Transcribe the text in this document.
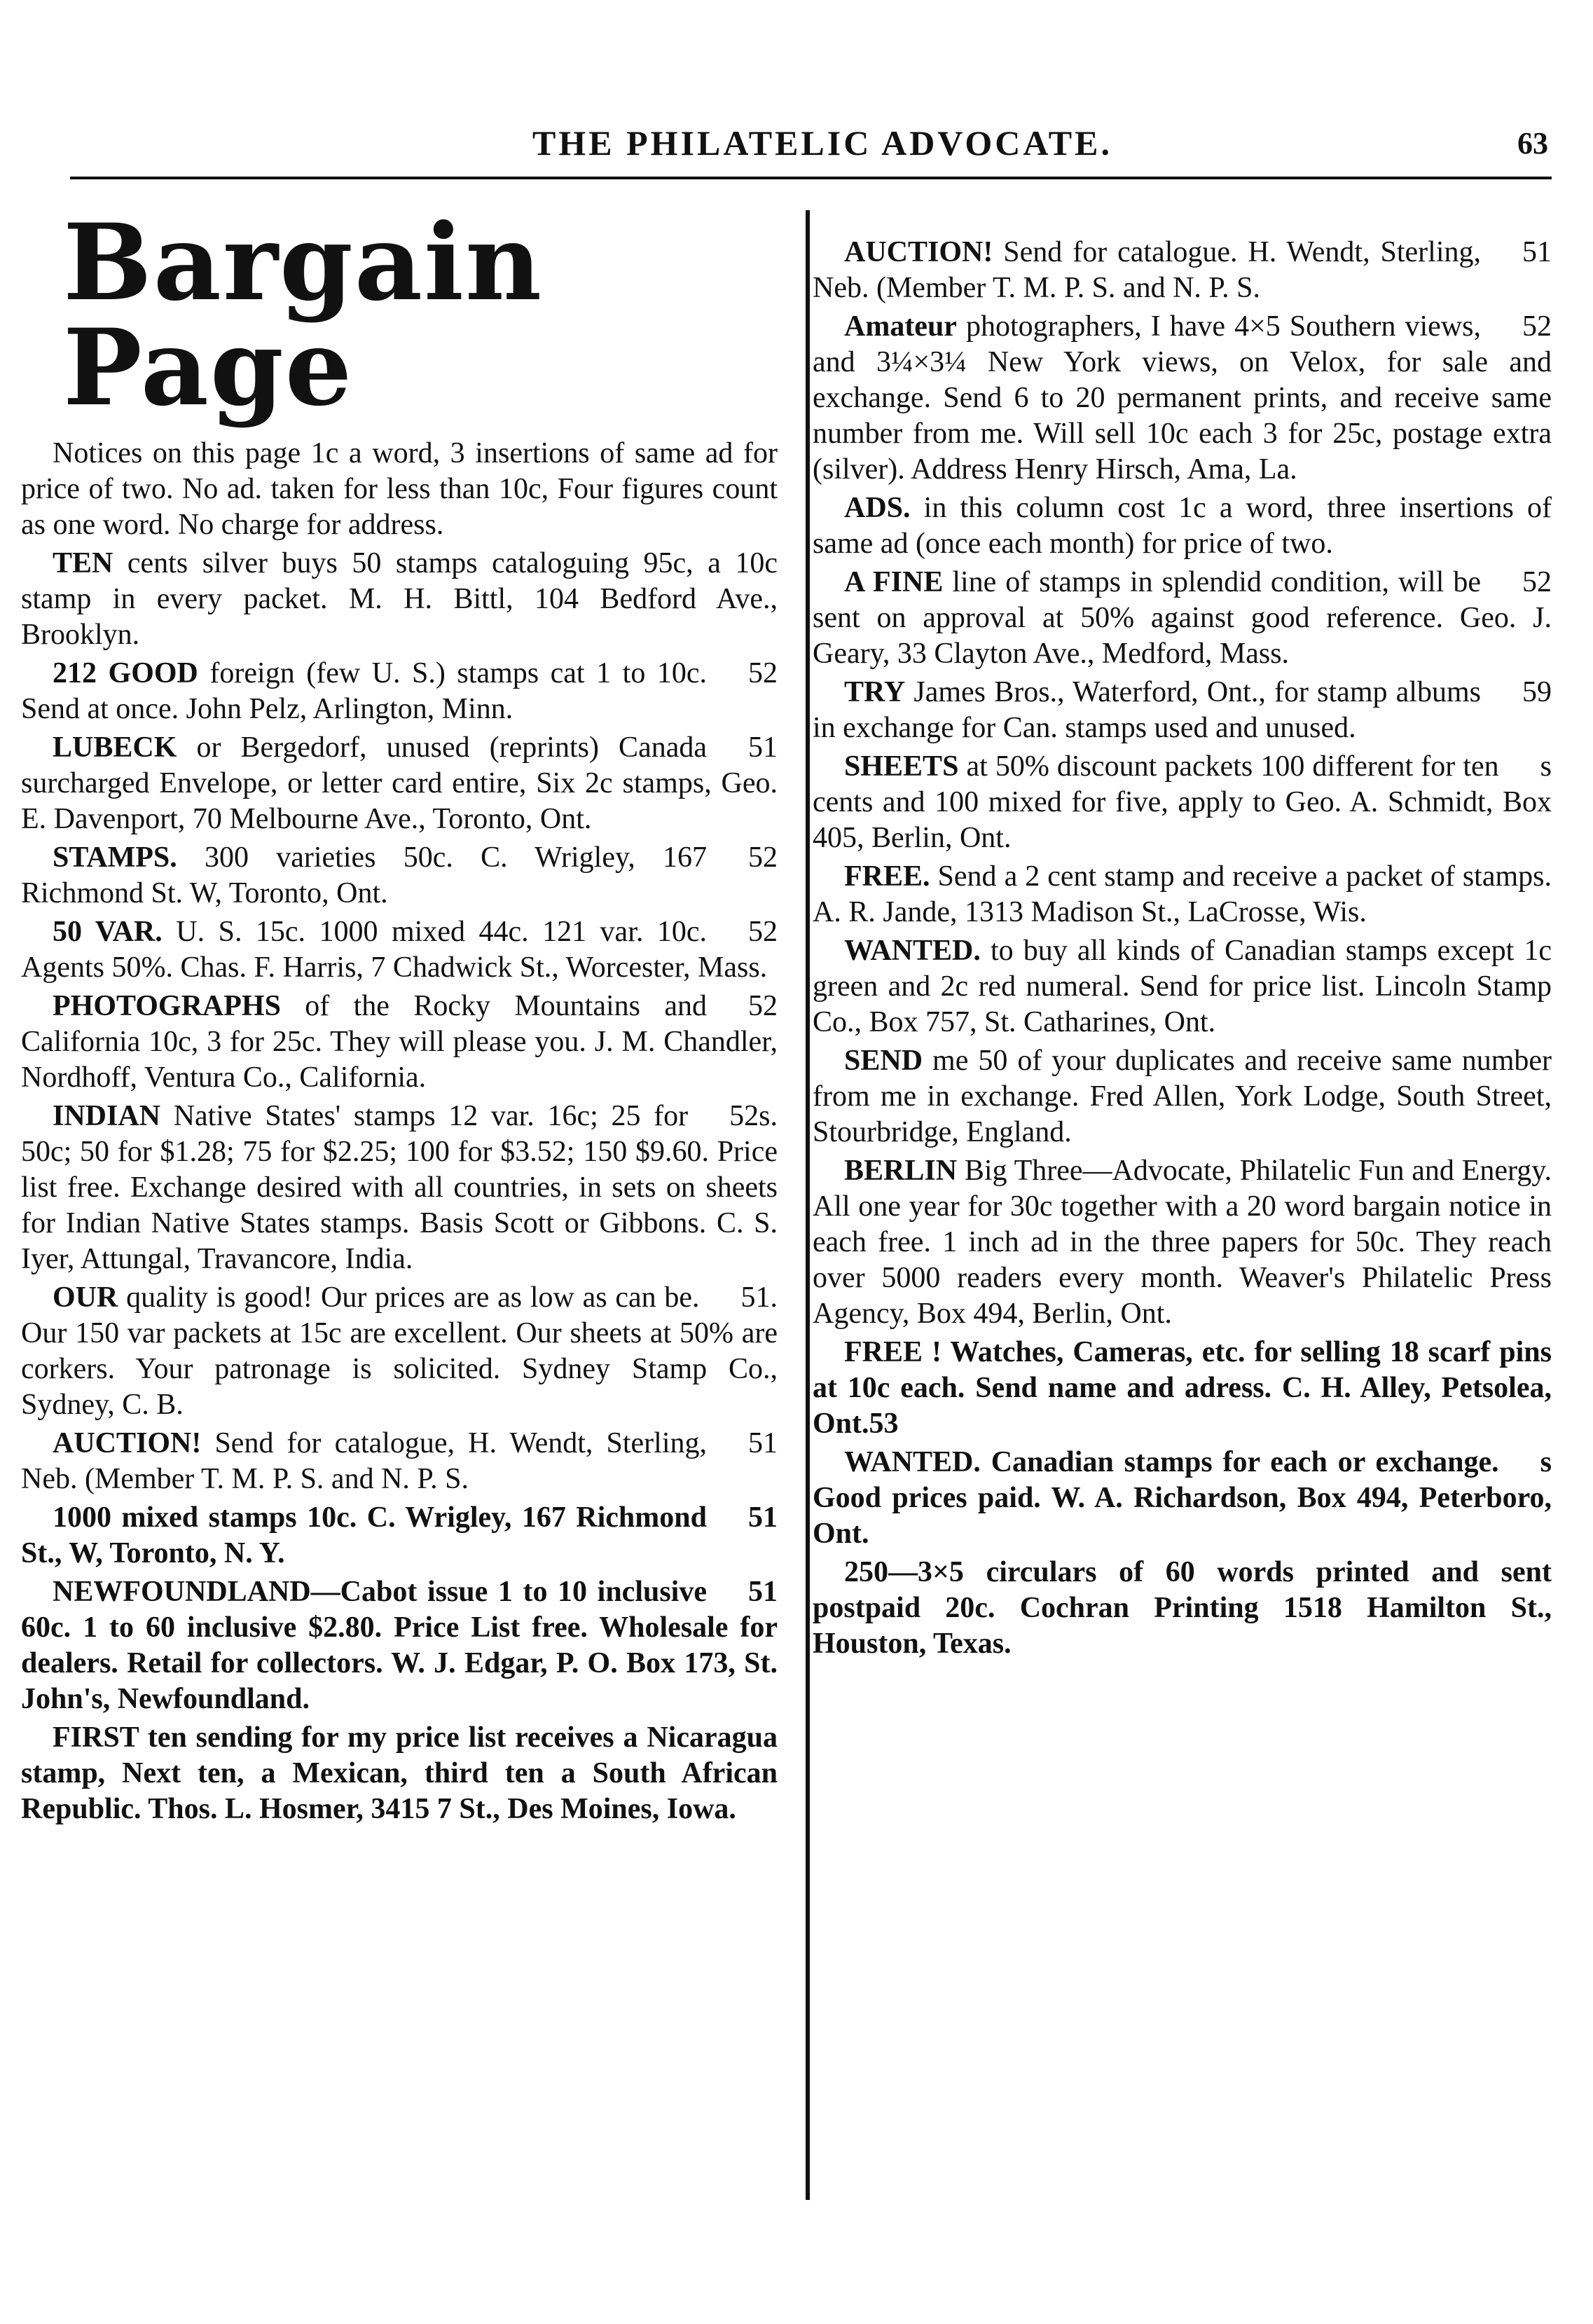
THE PHILATELIC ADVOCATE.	63
Bargain Page

Notices on this page 1c a word, 3 insertions of same ad for price of two. No ad. taken for less than 10c, Four figures count as one word. No charge for address.

TEN cents silver buys 50 stamps cataloguing 95c, a 10c stamp in every packet. M. H. Bittl, 104 Bedford Ave., Brooklyn.

52
212 GOOD foreign (few U. S.) stamps cat 1 to 10c. Send at once. John Pelz, Arlington, Minn.

51
LUBECK or Bergedorf, unused (reprints) Canada surcharged Envelope, or letter card entire, Six 2c stamps, Geo. E. Davenport, 70 Melbourne Ave., Toronto, Ont.

52
STAMPS. 300 varieties 50c. C. Wrigley, 167 Richmond St. W, Toronto, Ont.

52
50 VAR. U. S. 15c. 1000 mixed 44c. 121 var. 10c. Agents 50%. Chas. F. Harris, 7 Chadwick St., Worcester, Mass.

52
PHOTOGRAPHS of the Rocky Mountains and California 10c, 3 for 25c. They will please you. J. M. Chandler, Nordhoff, Ventura Co., California.

52s.
INDIAN Native States' stamps 12 var. 16c; 25 for 50c; 50 for $1.28; 75 for $2.25; 100 for $3.52; 150 $9.60. Price list free. Exchange desired with all countries, in sets on sheets for Indian Native States stamps. Basis Scott or Gibbons. C. S. Iyer, Attungal, Travancore, India.

51.
OUR quality is good! Our prices are as low as can be. Our 150 var packets at 15c are excellent. Our sheets at 50% are corkers. Your patronage is solicited. Sydney Stamp Co., Sydney, C. B.

51
AUCTION! Send for catalogue, H. Wendt, Sterling, Neb. (Member T. M. P. S. and N. P. S.

51
1000 mixed stamps 10c. C. Wrigley, 167 Richmond St., W, Toronto, N. Y.

51
NEWFOUNDLAND—Cabot issue 1 to 10 inclusive 60c. 1 to 60 inclusive $2.80. Price List free. Wholesale for dealers. Retail for collectors. W. J. Edgar, P. O. Box 173, St. John's, Newfoundland.

FIRST ten sending for my price list receives a Nicaragua stamp, Next ten, a Mexican, third ten a South African Republic. Thos. L. Hosmer, 3415 7 St., Des Moines, Iowa.

51
AUCTION! Send for catalogue. H. Wendt, Sterling, Neb. (Member T. M. P. S. and N. P. S.

52
Amateur photographers, I have 4×5 Southern views, and 3¼×3¼ New York views, on Velox, for sale and exchange. Send 6 to 20 permanent prints, and receive same number from me. Will sell 10c each 3 for 25c, postage extra (silver). Address Henry Hirsch, Ama, La.

ADS. in this column cost 1c a word, three insertions of same ad (once each month) for price of two.

52
A FINE line of stamps in splendid condition, will be sent on approval at 50% against good reference. Geo. J. Geary, 33 Clayton Ave., Medford, Mass.

59
TRY James Bros., Waterford, Ont., for stamp albums in exchange for Can. stamps used and unused.

s
SHEETS at 50% discount packets 100 different for ten cents and 100 mixed for five, apply to Geo. A. Schmidt, Box 405, Berlin, Ont.

FREE. Send a 2 cent stamp and receive a packet of stamps. A. R. Jande, 1313 Madison St., LaCrosse, Wis.

WANTED. to buy all kinds of Canadian stamps except 1c green and 2c red numeral. Send for price list. Lincoln Stamp Co., Box 757, St. Catharines, Ont.

SEND me 50 of your duplicates and receive same number from me in exchange. Fred Allen, York Lodge, South Street, Stourbridge, England.

BERLIN Big Three—Advocate, Philatelic Fun and Energy. All one year for 30c together with a 20 word bargain notice in each free. 1 inch ad in the three papers for 50c. They reach over 5000 readers every month. Weaver's Philatelic Press Agency, Box 494, Berlin, Ont.

FREE ! Watches, Cameras, etc. for selling 18 scarf pins at 10c each. Send name and adress. C. H. Alley, Petsolea, Ont.53

s
WANTED. Canadian stamps for each or exchange. Good prices paid. W. A. Richardson, Box 494, Peterboro, Ont.

250—3×5 circulars of 60 words printed and sent postpaid 20c. Cochran Printing 1518 Hamilton St., Houston, Texas.
